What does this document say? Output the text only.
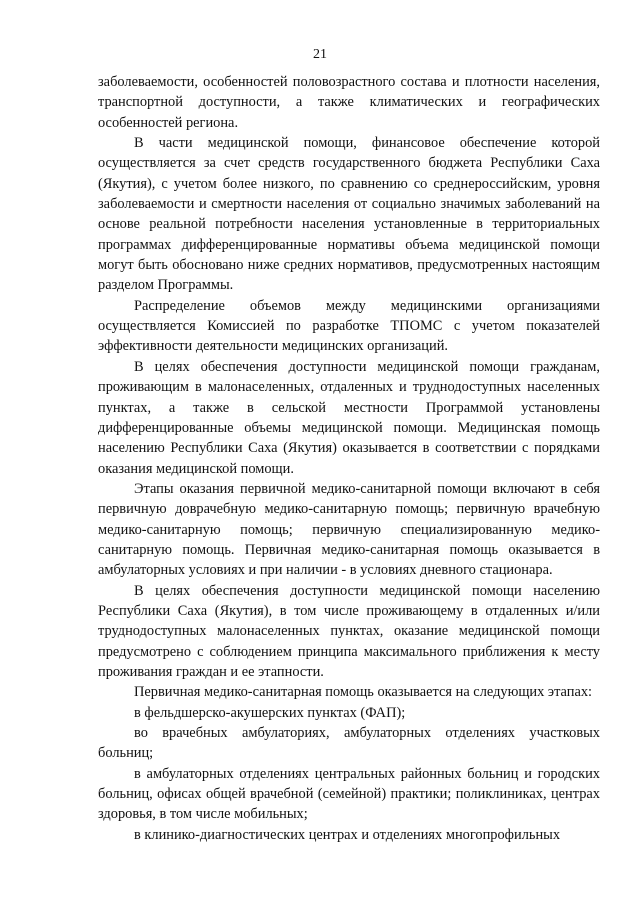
21

заболеваемости, особенностей половозрастного состава и плотности населения, транспортной доступности, а также климатических и географических особенностей региона.

В части медицинской помощи, финансовое обеспечение которой осуществляется за счет средств государственного бюджета Республики Саха (Якутия), с учетом более низкого, по сравнению со среднероссийским, уровня заболеваемости и смертности населения от социально значимых заболеваний на основе реальной потребности населения установленные в территориальных программах дифференцированные нормативы объема медицинской помощи могут быть обосновано ниже средних нормативов, предусмотренных настоящим разделом Программы.

Распределение объемов между медицинскими организациями осуществляется Комиссией по разработке ТПОМС с учетом показателей эффективности деятельности медицинских организаций.

В целях обеспечения доступности медицинской помощи гражданам, проживающим в малонаселенных, отдаленных и труднодоступных населенных пунктах, а также в сельской местности Программой установлены дифференцированные объемы медицинской помощи. Медицинская помощь населению Республики Саха (Якутия) оказывается в соответствии с порядками оказания медицинской помощи.

Этапы оказания первичной медико-санитарной помощи включают в себя первичную доврачебную медико-санитарную помощь; первичную врачебную медико-санитарную помощь; первичную специализированную медико-санитарную помощь. Первичная медико-санитарная помощь оказывается в амбулаторных условиях и при наличии - в условиях дневного стационара.

В целях обеспечения доступности медицинской помощи населению Республики Саха (Якутия), в том числе проживающему в отдаленных и/или труднодоступных малонаселенных пунктах, оказание медицинской помощи предусмотрено с соблюдением принципа максимального приближения к месту проживания граждан и ее этапности.

Первичная медико-санитарная помощь оказывается на следующих этапах:

в фельдшерско-акушерских пунктах (ФАП);

во врачебных амбулаториях, амбулаторных отделениях участковых больниц;

в амбулаторных отделениях центральных районных больниц и городских больниц, офисах общей врачебной (семейной) практики; поликлиниках, центрах здоровья, в том числе мобильных;

в клинико-диагностических центрах и отделениях многопрофильных
